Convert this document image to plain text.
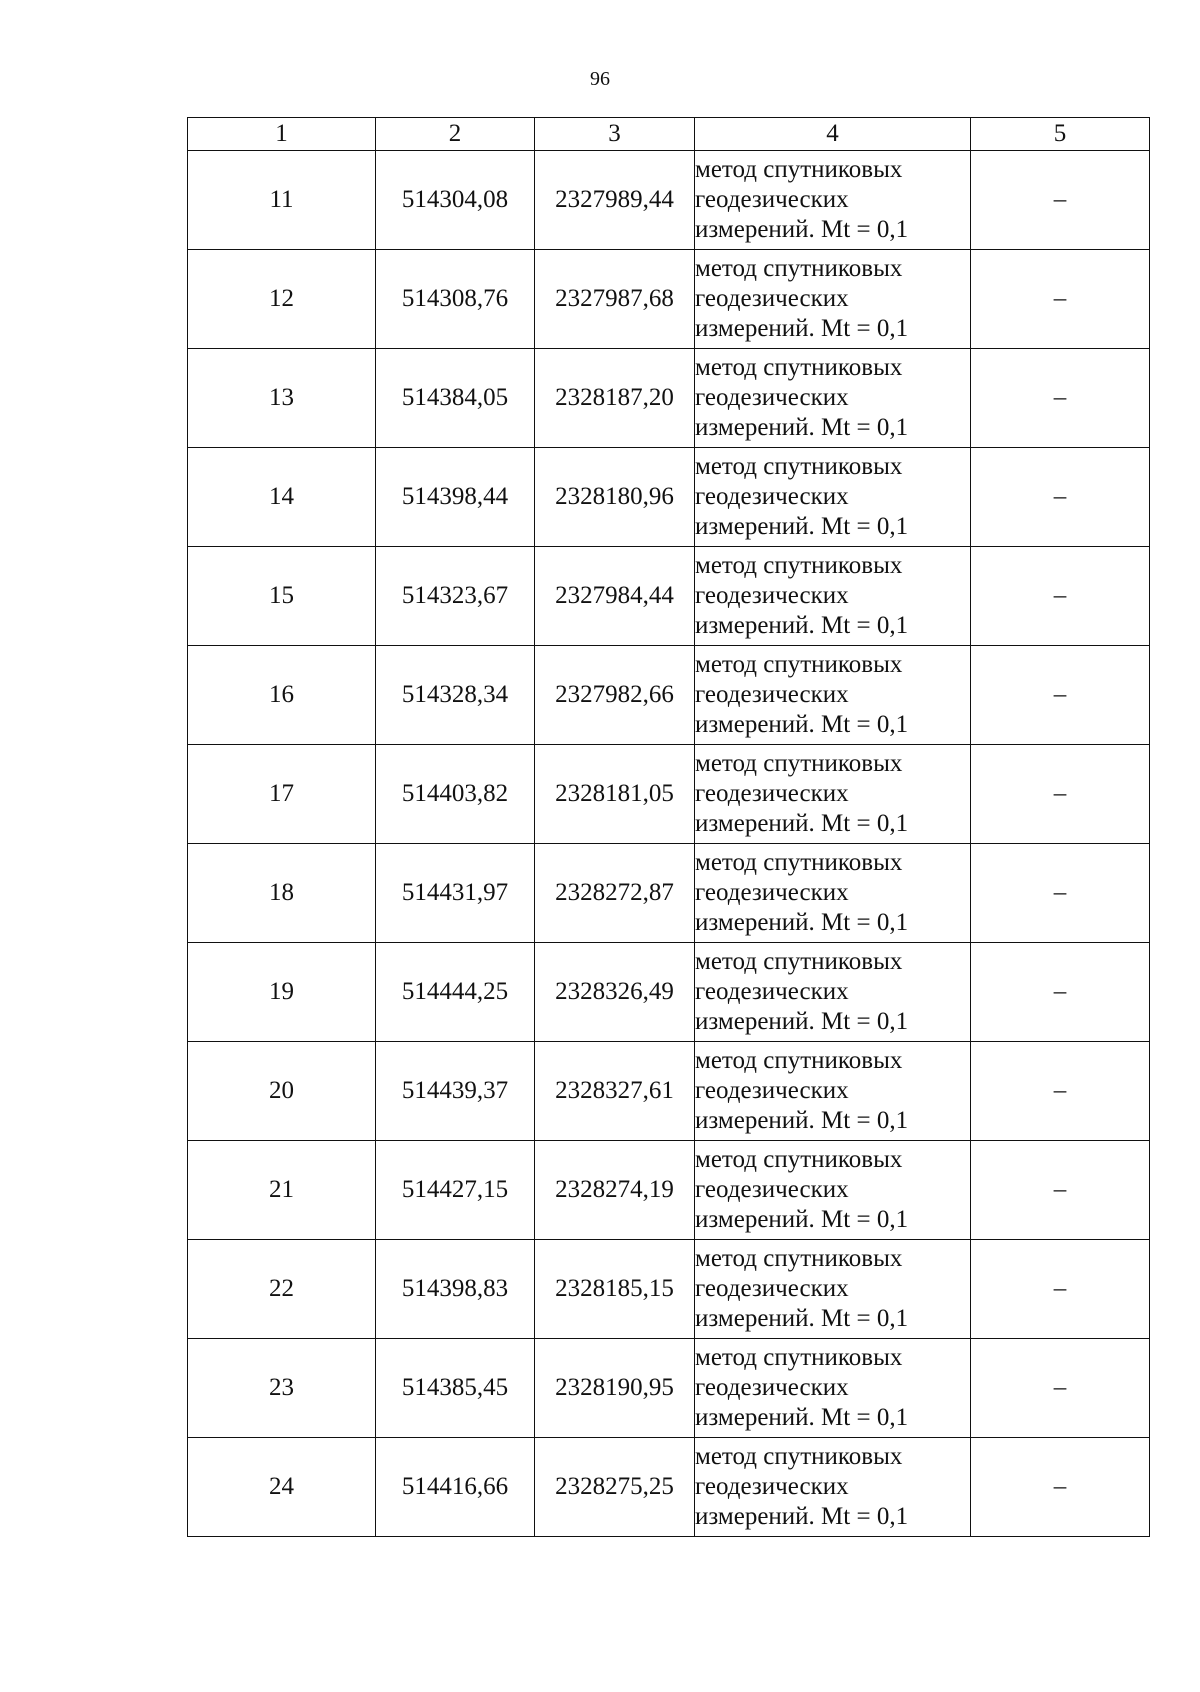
96
1	2	3	4	5
11	514304,08	2327989,44	метод спутниковых
геодезических
измерений. Mt = 0,1	–
12	514308,76	2327987,68	метод спутниковых
геодезических
измерений. Mt = 0,1	–
13	514384,05	2328187,20	метод спутниковых
геодезических
измерений. Mt = 0,1	–
14	514398,44	2328180,96	метод спутниковых
геодезических
измерений. Mt = 0,1	–
15	514323,67	2327984,44	метод спутниковых
геодезических
измерений. Mt = 0,1	–
16	514328,34	2327982,66	метод спутниковых
геодезических
измерений. Mt = 0,1	–
17	514403,82	2328181,05	метод спутниковых
геодезических
измерений. Mt = 0,1	–
18	514431,97	2328272,87	метод спутниковых
геодезических
измерений. Mt = 0,1	–
19	514444,25	2328326,49	метод спутниковых
геодезических
измерений. Mt = 0,1	–
20	514439,37	2328327,61	метод спутниковых
геодезических
измерений. Mt = 0,1	–
21	514427,15	2328274,19	метод спутниковых
геодезических
измерений. Mt = 0,1	–
22	514398,83	2328185,15	метод спутниковых
геодезических
измерений. Mt = 0,1	–
23	514385,45	2328190,95	метод спутниковых
геодезических
измерений. Mt = 0,1	–
24	514416,66	2328275,25	метод спутниковых
геодезических
измерений. Mt = 0,1	–
